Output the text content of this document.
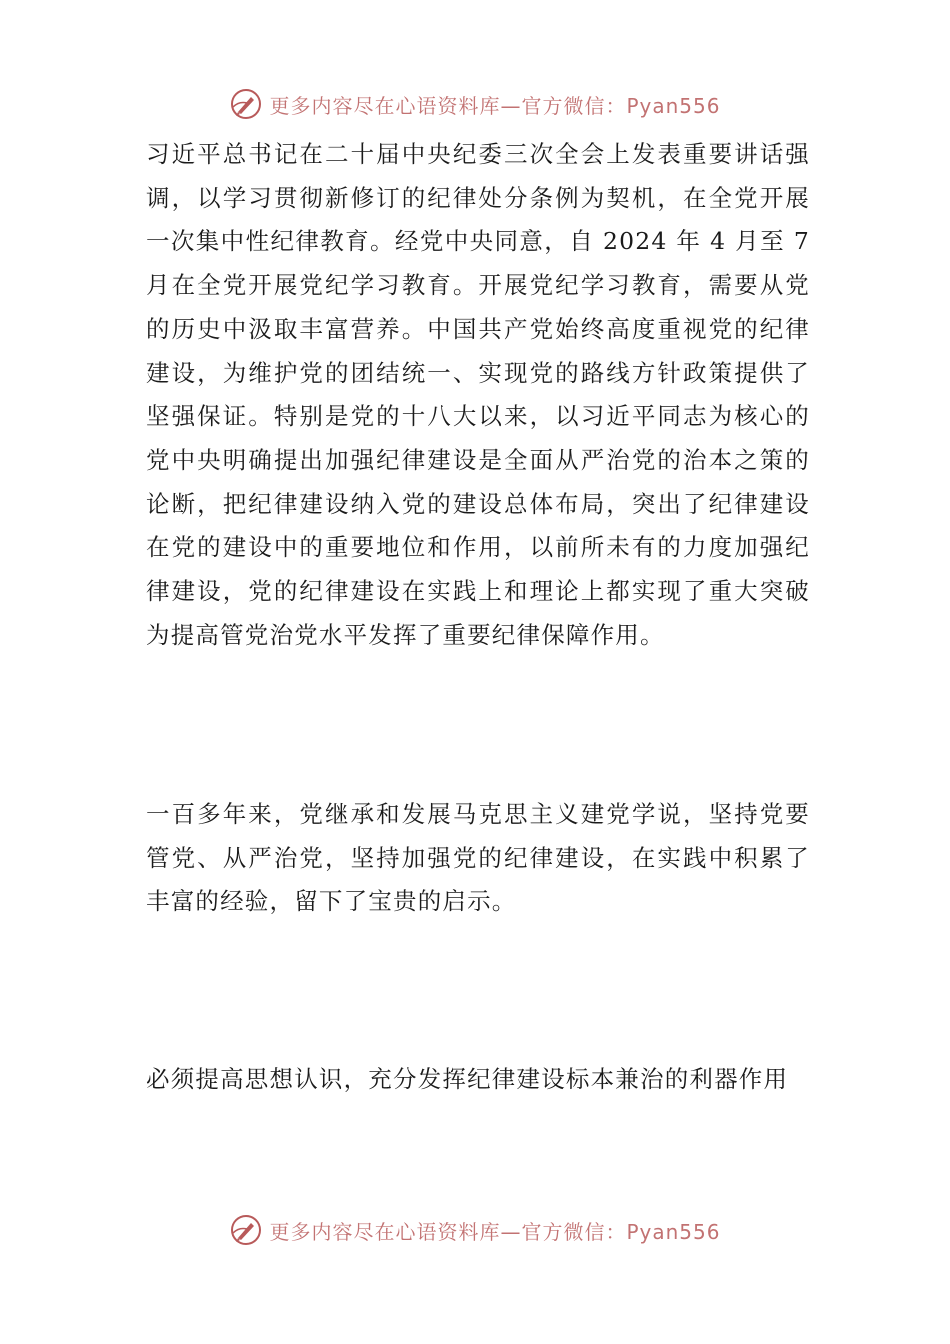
更多内容尽在心语资料库—官方微信：Pyan556

习近平总书记在二十届中央纪委三次全会上发表重要讲话强调，以学习贯彻新修订的纪律处分条例为契机，在全党开展一次集中性纪律教育。经党中央同意，自 2024 年 4 月至 7 月在全党开展党纪学习教育。开展党纪学习教育，需要从党的历史中汲取丰富营养。中国共产党始终高度重视党的纪律建设，为维护党的团结统一、实现党的路线方针政策提供了坚强保证。特别是党的十八大以来，以习近平同志为核心的党中央明确提出加强纪律建设是全面从严治党的治本之策的论断，把纪律建设纳入党的建设总体布局，突出了纪律建设在党的建设中的重要地位和作用，以前所未有的力度加强纪律建设，党的纪律建设在实践上和理论上都实现了重大突破为提高管党治党水平发挥了重要纪律保障作用。

一百多年来，党继承和发展马克思主义建党学说，坚持党要管党、从严治党，坚持加强党的纪律建设，在实践中积累了丰富的经验，留下了宝贵的启示。

必须提高思想认识，充分发挥纪律建设标本兼治的利器作用

更多内容尽在心语资料库—官方微信：Pyan556
